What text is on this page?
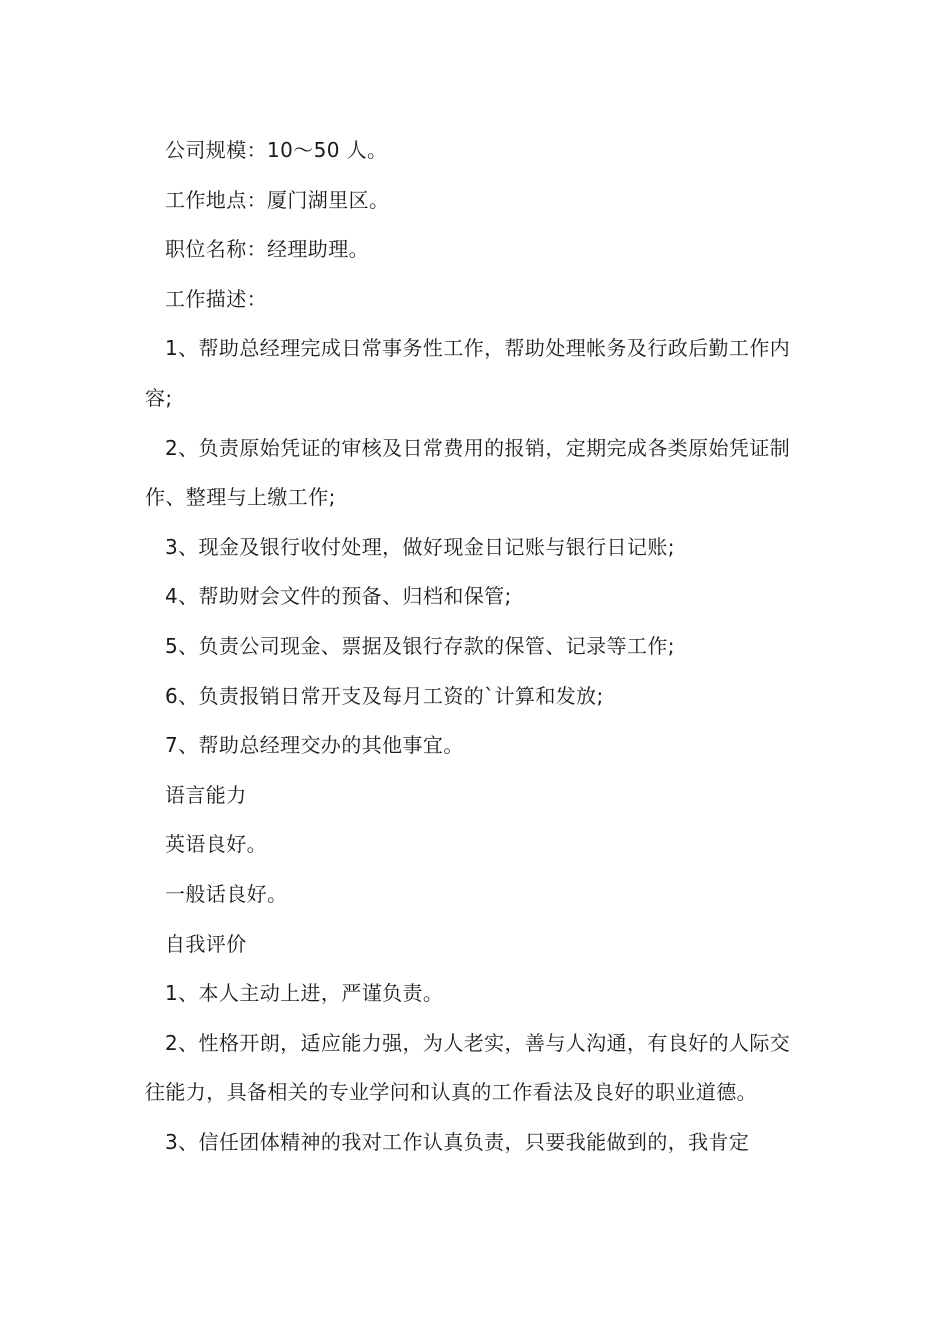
公司规模：10～50 人。

工作地点：厦门湖里区。

职位名称：经理助理。

工作描述：

1、帮助总经理完成日常事务性工作，帮助处理帐务及行政后勤工作内容;

2、负责原始凭证的审核及日常费用的报销，定期完成各类原始凭证制作、整理与上缴工作;

3、现金及银行收付处理，做好现金日记账与银行日记账;

4、帮助财会文件的预备、归档和保管;

5、负责公司现金、票据及银行存款的保管、记录等工作;

6、负责报销日常开支及每月工资的`计算和发放;

7、帮助总经理交办的其他事宜。

语言能力

英语良好。

一般话良好。

自我评价

1、本人主动上进，严谨负责。

2、性格开朗，适应能力强，为人老实，善与人沟通，有良好的人际交往能力，具备相关的专业学问和认真的工作看法及良好的职业道德。

3、信任团体精神的我对工作认真负责，只要我能做到的，我肯定
